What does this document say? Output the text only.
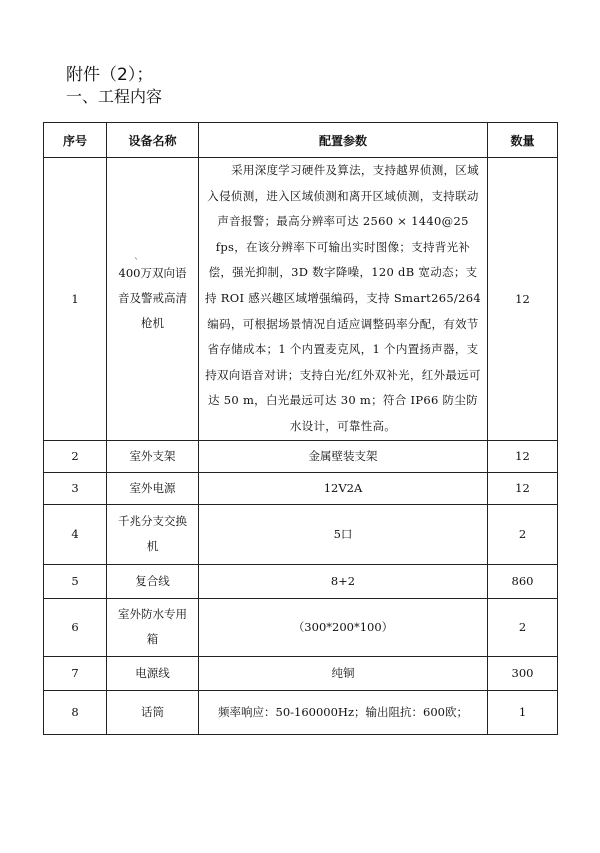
附件（2）；
一、工程内容
`
序号	设备名称	配置参数	数量
1	400万双向语音及警戒高清枪机	采用深度学习硬件及算法，支持越界侦测，区域入侵侦测，进入区域侦测和离开区域侦测，支持联动声音报警；最高分辨率可达 2560 × 1440@25 fps，在该分辨率下可输出实时图像；支持背光补偿，强光抑制，3D 数字降噪，120 dB 宽动态；支持 ROI 感兴趣区域增强编码，支持 Smart265/264 编码，可根据场景情况自适应调整码率分配，有效节省存储成本；1 个内置麦克风，1 个内置扬声器，支持双向语音对讲；支持白光/红外双补光，红外最远可达 50 m，白光最远可达 30 m；符合 IP66 防尘防水设计，可靠性高。	12
2	室外支架	金属壁装支架	12
3	室外电源	12V2A	12
4	千兆分支交换机	5口	2
5	复合线	8+2	860
6	室外防水专用箱	（300*200*100）	2
7	电源线	纯铜	300
8	话筒	频率响应：50-160000Hz；输出阻抗：600欧；	1
